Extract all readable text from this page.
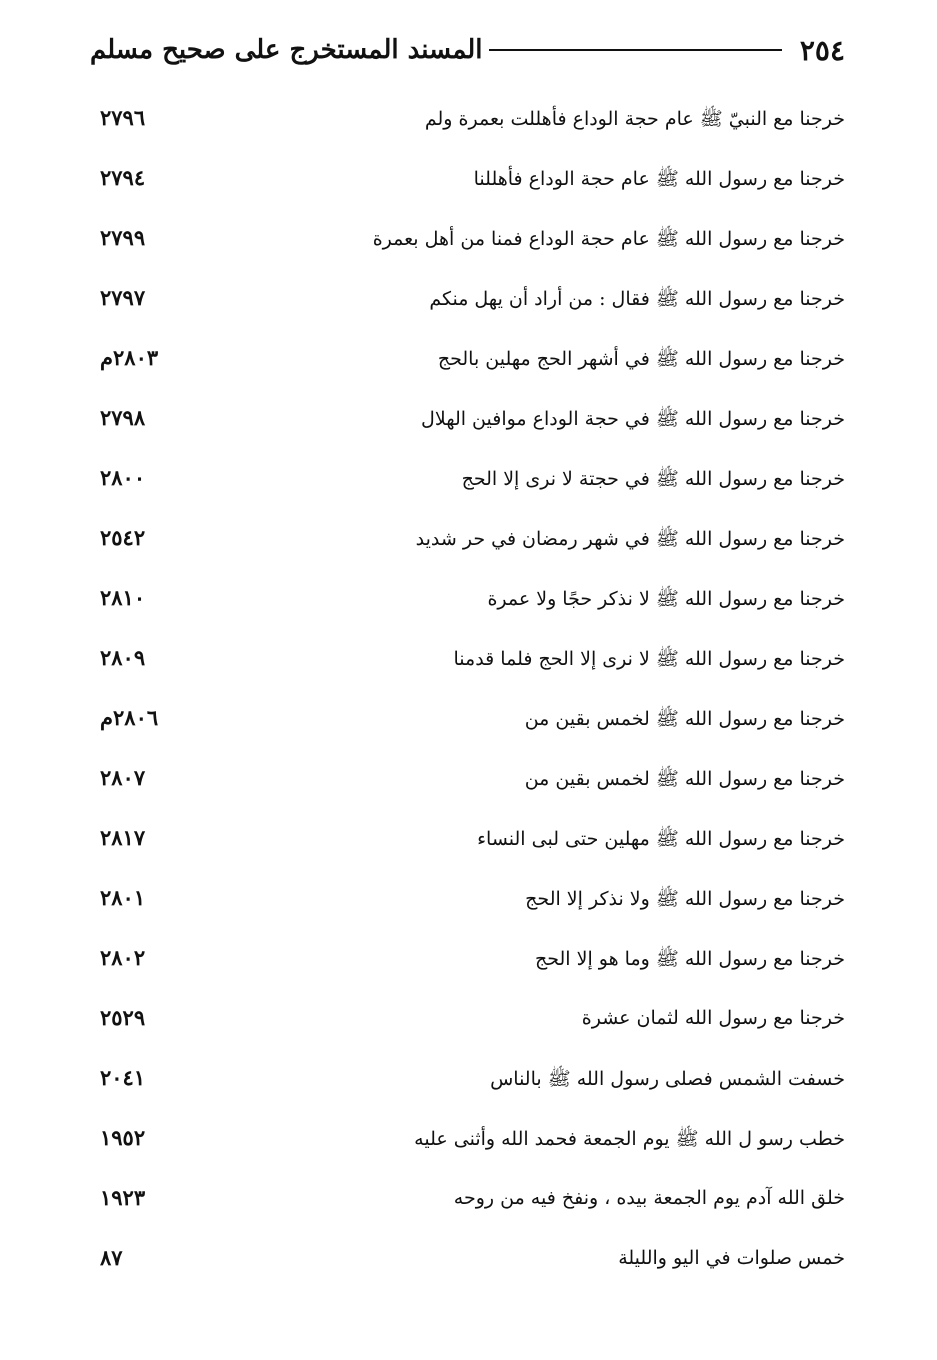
٢٥٤
المسند المستخرج على صحيح مسلم
خرجنا مع النبيّ ﷺ عام حجة الوداع فأهللت بعمرة ولم
٢٧٩٦
خرجنا مع رسول الله ﷺ عام حجة الوداع فأهللنا
٢٧٩٤
خرجنا مع رسول الله ﷺ عام حجة الوداع فمنا من أهل بعمرة
٢٧٩٩
خرجنا مع رسول الله ﷺ فقال : من أراد أن يهل منكم
٢٧٩٧
خرجنا مع رسول الله ﷺ في أشهر الحج مهلين بالحج
٢٨٠٣م
خرجنا مع رسول الله ﷺ في حجة الوداع موافين الهلال
٢٧٩٨
خرجنا مع رسول الله ﷺ في حجتة لا نرى إلا الحج
٢٨٠٠
خرجنا مع رسول الله ﷺ في شهر رمضان في حر شديد
٢٥٤٢
خرجنا مع رسول الله ﷺ لا نذكر حجًا ولا عمرة
٢٨١٠
خرجنا مع رسول الله ﷺ لا نرى إلا الحج فلما قدمنا
٢٨٠٩
خرجنا مع رسول الله ﷺ لخمس بقين من
٢٨٠٦م
خرجنا مع رسول الله ﷺ لخمس بقين من
٢٨٠٧
خرجنا مع رسول الله ﷺ مهلين حتى لبى النساء
٢٨١٧
خرجنا مع رسول الله ﷺ ولا نذكر إلا الحج
٢٨٠١
خرجنا مع رسول الله ﷺ وما هو إلا الحج
٢٨٠٢
خرجنا مع رسول الله لثمان عشرة
٢٥٢٩
خسفت الشمس فصلى رسول الله ﷺ بالناس
٢٠٤١
خطب رسو ل الله ﷺ يوم الجمعة فحمد الله وأثنى عليه
١٩٥٢
خلق الله آدم يوم الجمعة بيده ، ونفخ فيه من روحه
١٩٢٣
خمس صلوات في اليو والليلة
٨٧
